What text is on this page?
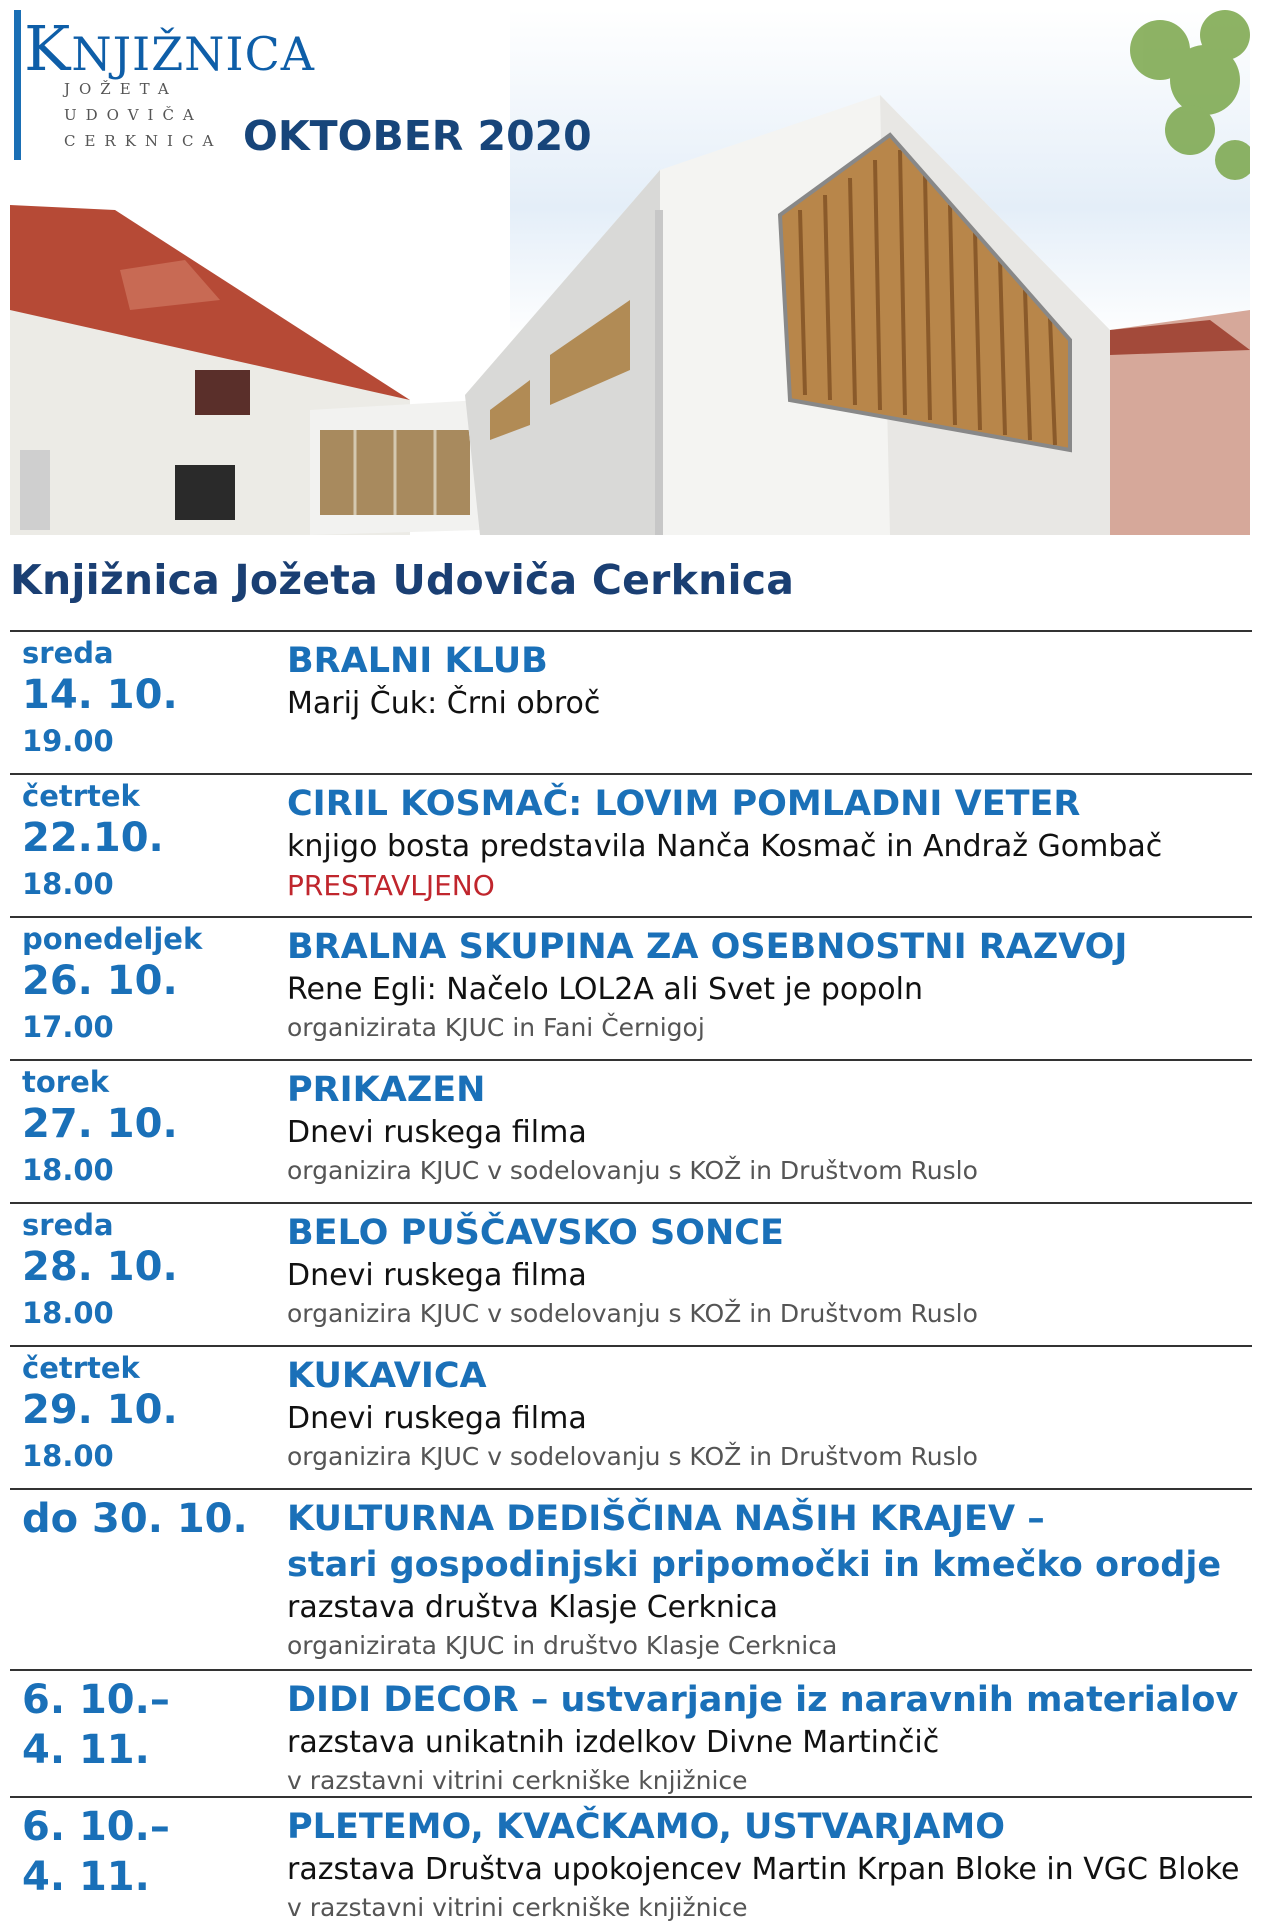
KNJIŽNICA
JOŽETA
UDOVIČA
CERKNICA OKTOBER 2020
Knjižnica Jožeta Udoviča Cerknica
sreda
14. 10.
19.00
BRALNI KLUB
Marij Čuk: Črni obroč
četrtek
22.10.
18.00
CIRIL KOSMAČ: LOVIM POMLADNI VETER
knjigo bosta predstavila Nanča Kosmač in Andraž Gombač
PRESTAVLJENO
ponedeljek
26. 10.
17.00
BRALNA SKUPINA ZA OSEBNOSTNI RAZVOJ
Rene Egli: Načelo LOL2A ali Svet je popoln
organizirata KJUC in Fani Černigoj
torek
27. 10.
18.00
PRIKAZEN
Dnevi ruskega filma
organizira KJUC v sodelovanju s KOŽ in Društvom Ruslo
sreda
28. 10.
18.00
BELO PUŠČAVSKO SONCE
Dnevi ruskega filma
organizira KJUC v sodelovanju s KOŽ in Društvom Ruslo
četrtek
29. 10.
18.00
KUKAVICA
Dnevi ruskega filma
organizira KJUC v sodelovanju s KOŽ in Društvom Ruslo
do 30. 10.	KULTURNA DEDIŠČINA NAŠIH KRAJEV –
stari gospodinjski pripomočki in kmečko orodje
razstava društva Klasje Cerknica
organizirata KJUC in društvo Klasje Cerknica
6. 10.–
4. 11.
DIDI DECOR – ustvarjanje iz naravnih materialov
razstava unikatnih izdelkov Divne Martinčič
v razstavni vitrini cerkniške knjižnice
6. 10.–
4. 11.
PLETEMO, KVAČKAMO, USTVARJAMO
razstava Društva upokojencev Martin Krpan Bloke in VGC Bloke
v razstavni vitrini cerkniške knjižnice
